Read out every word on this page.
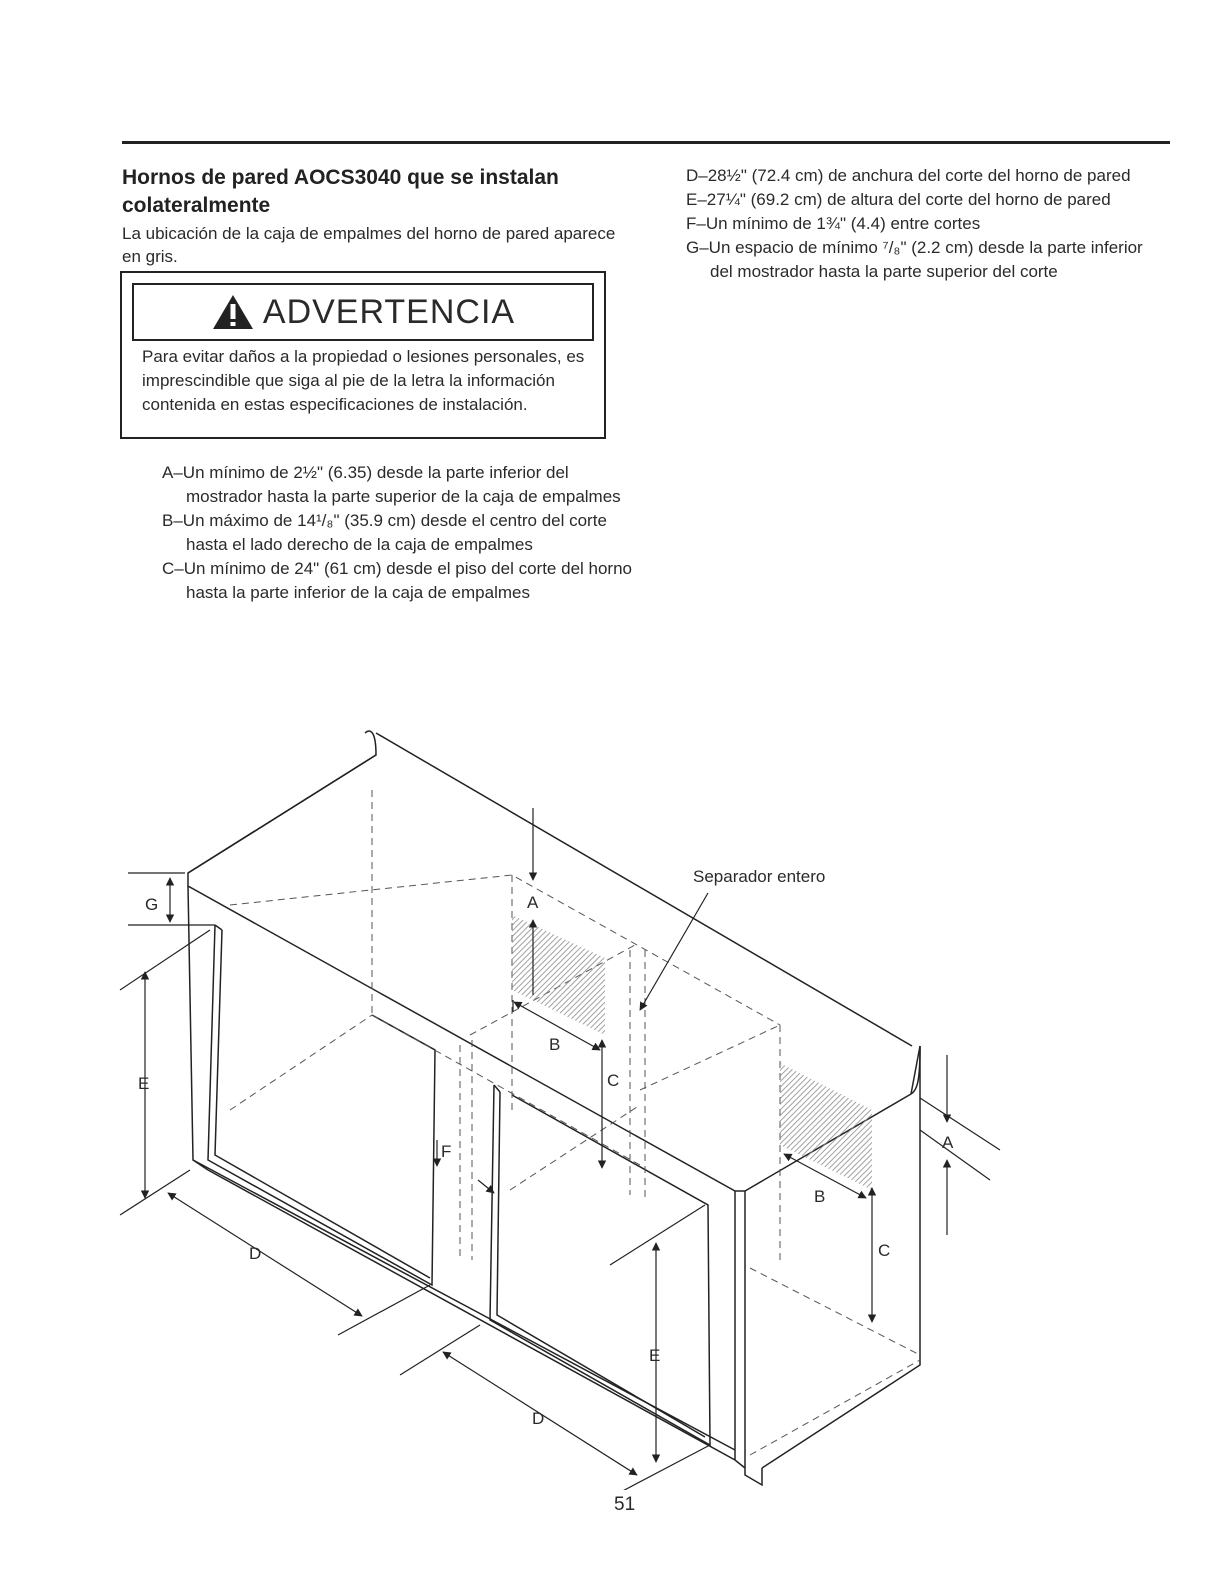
Hornos de pared AOCS3040 que se instalan colateralmente

La ubicación de la caja de empalmes del horno de pared aparece en gris.

ADVERTENCIA
Para evitar daños a la propiedad o lesiones personales, es imprescindible que siga al pie de la letra la información contenida en estas especificaciones de instalación.
A–Un mínimo de 2½" (6.35) desde la parte inferior del mostrador hasta la parte superior de la caja de empalmes
B–Un máximo de 14¹/₈" (35.9 cm) desde el centro del corte hasta el lado derecho de la caja de empalmes
C–Un mínimo de 24" (61 cm) desde el piso del corte del horno hasta la parte inferior de la caja de empalmes
D–28½" (72.4 cm) de anchura del corte del horno de pared
E–27¼" (69.2 cm) de altura del corte del horno de pared
F–Un mínimo de 1¾" (4.4) entre cortes
G–Un espacio de mínimo ⁷/₈" (2.2 cm) desde la parte inferior del mostrador hasta la parte superior del corte
Separador entero
G
E
D
A
B
C
F
E
D
A
B
C
51
